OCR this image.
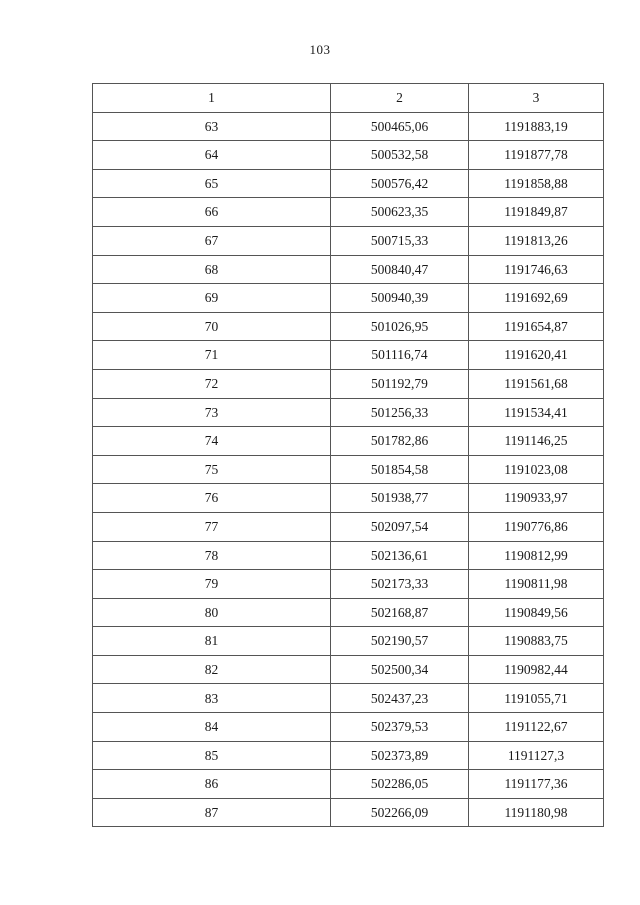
103
1	2	3
63	500465,06	1191883,19
64	500532,58	1191877,78
65	500576,42	1191858,88
66	500623,35	1191849,87
67	500715,33	1191813,26
68	500840,47	1191746,63
69	500940,39	1191692,69
70	501026,95	1191654,87
71	501116,74	1191620,41
72	501192,79	1191561,68
73	501256,33	1191534,41
74	501782,86	1191146,25
75	501854,58	1191023,08
76	501938,77	1190933,97
77	502097,54	1190776,86
78	502136,61	1190812,99
79	502173,33	1190811,98
80	502168,87	1190849,56
81	502190,57	1190883,75
82	502500,34	1190982,44
83	502437,23	1191055,71
84	502379,53	1191122,67
85	502373,89	1191127,3
86	502286,05	1191177,36
87	502266,09	1191180,98
